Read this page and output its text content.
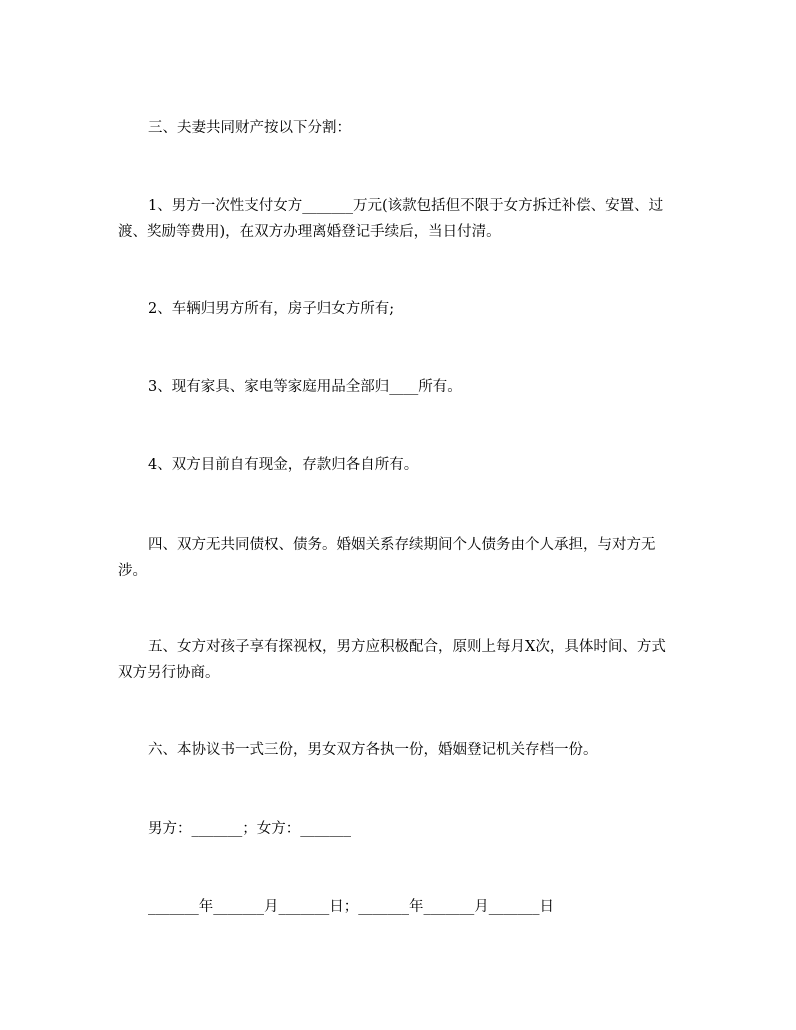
三、夫妻共同财产按以下分割：

1、男方一次性支付女方_______万元(该款包括但不限于女方拆迁补偿、安置、过渡、奖励等费用)，在双方办理离婚登记手续后，当日付清。

2、车辆归男方所有，房子归女方所有;

3、现有家具、家电等家庭用品全部归____所有。

4、双方目前自有现金，存款归各自所有。

四、双方无共同债权、债务。婚姻关系存续期间个人债务由个人承担，与对方无涉。

五、女方对孩子享有探视权，男方应积极配合，原则上每月X次，具体时间、方式双方另行协商。

六、本协议书一式三份，男女双方各执一份，婚姻登记机关存档一份。

男方：_______；女方：_______

_______年_______月_______日；_______年_______月_______日
